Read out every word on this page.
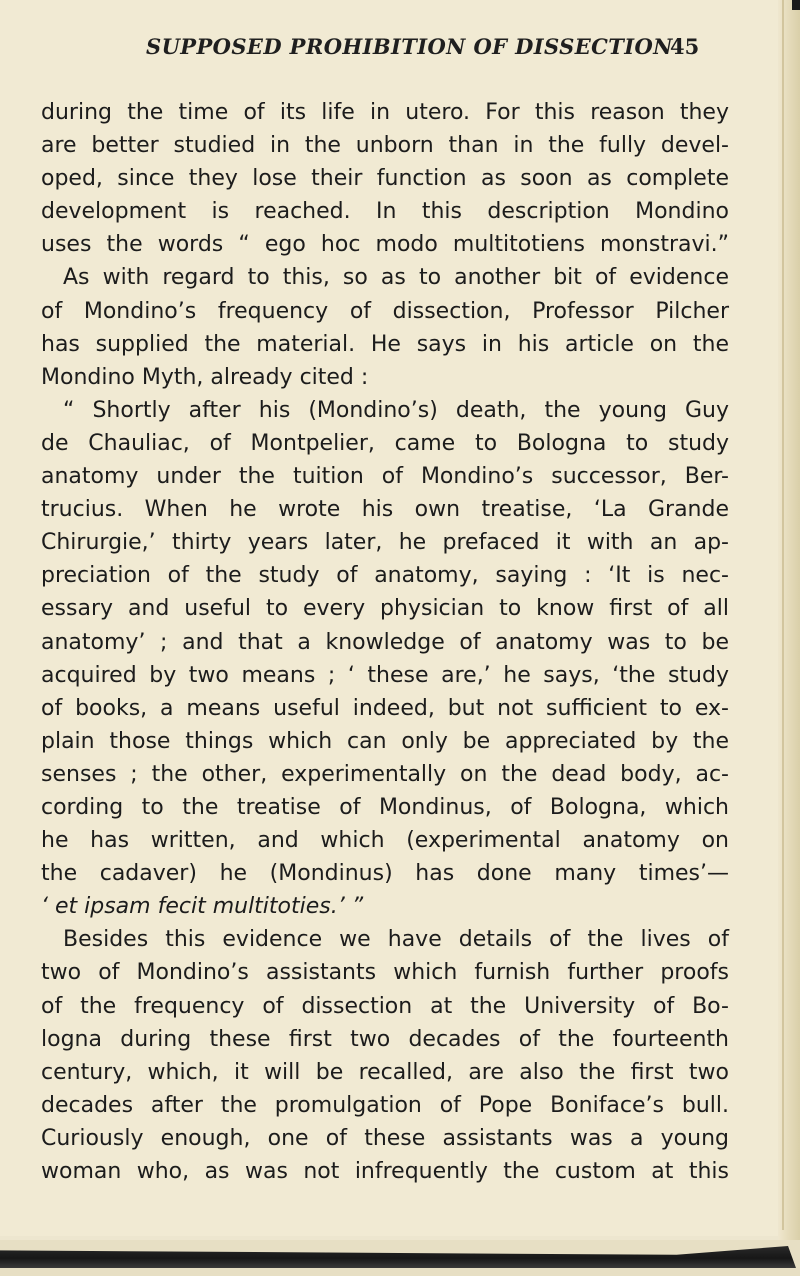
SUPPOSED PROHIBITION OF DISSECTION
45
during the time of its life in utero. For this reason they
are better studied in the unborn than in the fully devel-
oped, since they lose their function as soon as complete
development is reached. In this description Mondino
uses the words “ ego hoc modo multitotiens monstravi.”
As with regard to this, so as to another bit of evidence
of Mondino’s frequency of dissection, Professor Pilcher
has supplied the material. He says in his article on the
Mondino Myth, already cited :
“ Shortly after his (Mondino’s) death, the young Guy
de Chauliac, of Montpelier, came to Bologna to study
anatomy under the tuition of Mondino’s successor, Ber-
trucius. When he wrote his own treatise, ‘La Grande
Chirurgie,’ thirty years later, he prefaced it with an ap-
preciation of the study of anatomy, saying : ‘It is nec-
essary and useful to every physician to know first of all
anatomy’ ; and that a knowledge of anatomy was to be
acquired by two means ; ‘ these are,’ he says, ‘the study
of books, a means useful indeed, but not sufficient to ex-
plain those things which can only be appreciated by the
senses ; the other, experimentally on the dead body, ac-
cording to the treatise of Mondinus, of Bologna, which
he has written, and which (experimental anatomy on
the cadaver) he (Mondinus) has done many times’—
‘ et ipsam fecit multitoties.’ ”
Besides this evidence we have details of the lives of
two of Mondino’s assistants which furnish further proofs
of the frequency of dissection at the University of Bo-
logna during these first two decades of the fourteenth
century, which, it will be recalled, are also the first two
decades after the promulgation of Pope Boniface’s bull.
Curiously enough, one of these assistants was a young
woman who, as was not infrequently the custom at this
